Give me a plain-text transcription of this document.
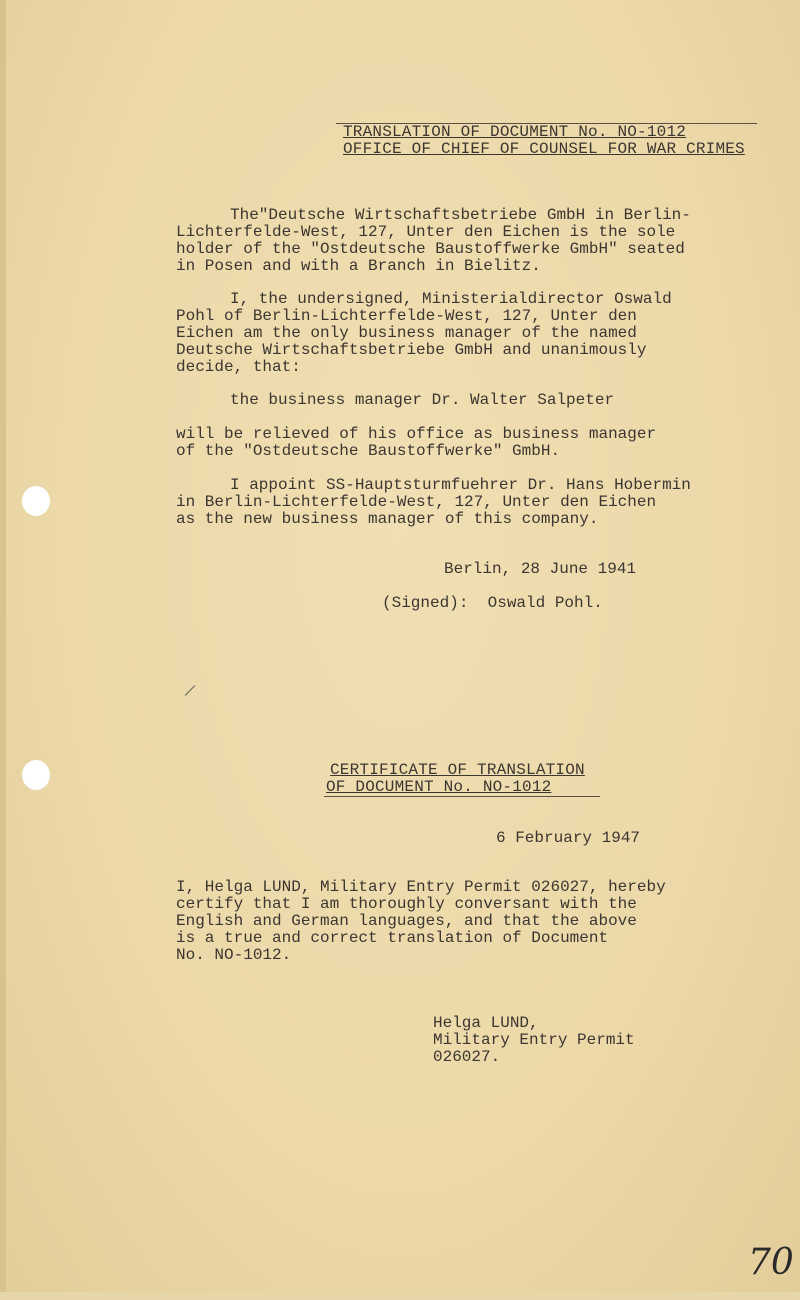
TRANSLATION OF DOCUMENT No. NO-1012
OFFICE OF CHIEF OF COUNSEL FOR WAR CRIMES
The"Deutsche Wirtschaftsbetriebe GmbH in Berlin-
Lichterfelde-West, 127, Unter den Eichen is the sole
holder of the "Ostdeutsche Baustoffwerke GmbH" seated
in Posen and with a Branch in Bielitz.
I, the undersigned, Ministerialdirector Oswald
Pohl of Berlin-Lichterfelde-West, 127, Unter den
Eichen am the only business manager of the named
Deutsche Wirtschaftsbetriebe GmbH and unanimously
decide, that:
the business manager Dr. Walter Salpeter
will be relieved of his office as business manager
of the "Ostdeutsche Baustoffwerke" GmbH.
I appoint SS-Hauptsturmfuehrer Dr. Hans Hobermin
in Berlin-Lichterfelde-West, 127, Unter den Eichen
as the new business manager of this company.
Berlin, 28 June 1941
(Signed):  Oswald Pohl.
CERTIFICATE OF TRANSLATION
OF DOCUMENT No. NO-1012
6 February 1947
I, Helga LUND, Military Entry Permit 026027, hereby
certify that I am thoroughly conversant with the
English and German languages, and that the above
is a true and correct translation of Document
No. NO-1012.
Helga LUND,
Military Entry Permit
026027.
70
